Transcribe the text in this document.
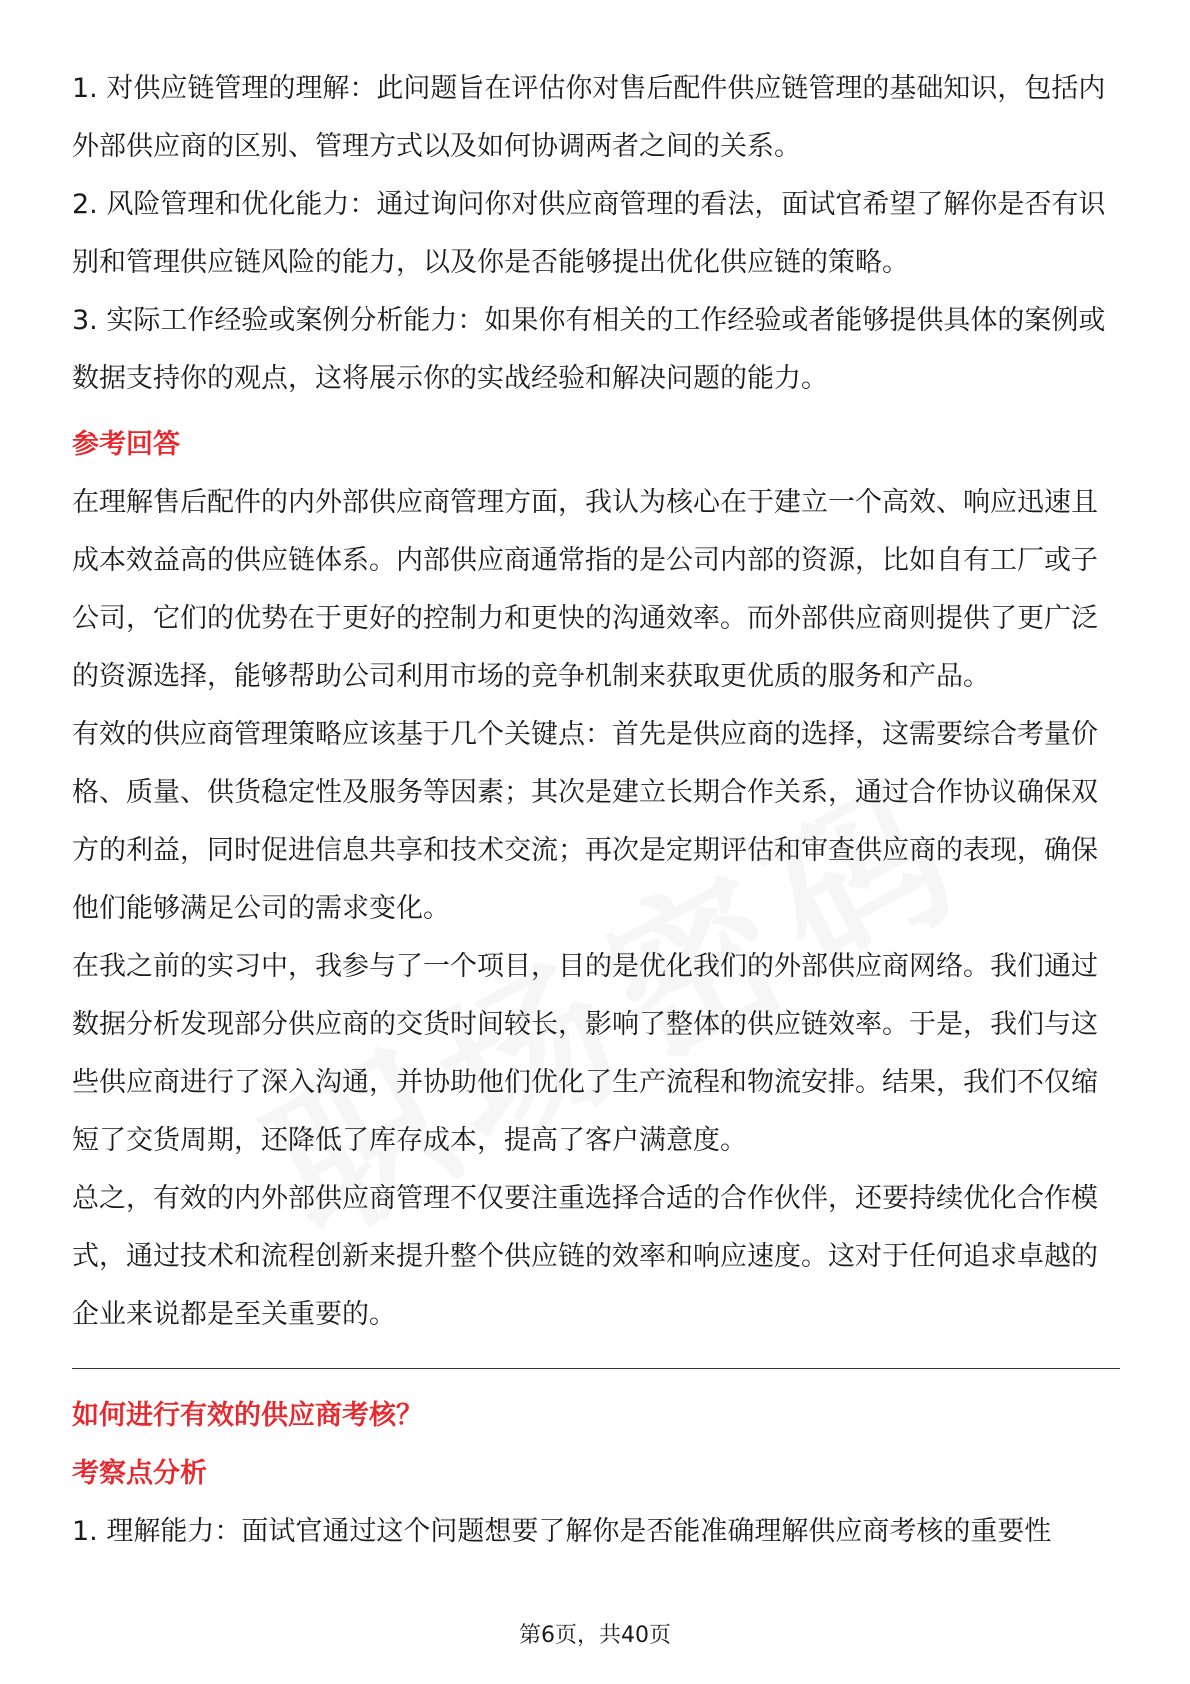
1. 对供应链管理的理解：此问题旨在评估你对售后配件供应链管理的基础知识，包括内外部供应商的区别、管理方式以及如何协调两者之间的关系。

2. 风险管理和优化能力：通过询问你对供应商管理的看法，面试官希望了解你是否有识别和管理供应链风险的能力，以及你是否能够提出优化供应链的策略。

3. 实际工作经验或案例分析能力：如果你有相关的工作经验或者能够提供具体的案例或数据支持你的观点，这将展示你的实战经验和解决问题的能力。

参考回答

在理解售后配件的内外部供应商管理方面，我认为核心在于建立一个高效、响应迅速且成本效益高的供应链体系。内部供应商通常指的是公司内部的资源，比如自有工厂或子公司，它们的优势在于更好的控制力和更快的沟通效率。而外部供应商则提供了更广泛的资源选择，能够帮助公司利用市场的竞争机制来获取更优质的服务和产品。

有效的供应商管理策略应该基于几个关键点：首先是供应商的选择，这需要综合考量价格、质量、供货稳定性及服务等因素；其次是建立长期合作关系，通过合作协议确保双方的利益，同时促进信息共享和技术交流；再次是定期评估和审查供应商的表现，确保他们能够满足公司的需求变化。

在我之前的实习中，我参与了一个项目，目的是优化我们的外部供应商网络。我们通过数据分析发现部分供应商的交货时间较长，影响了整体的供应链效率。于是，我们与这些供应商进行了深入沟通，并协助他们优化了生产流程和物流安排。结果，我们不仅缩短了交货周期，还降低了库存成本，提高了客户满意度。

总之，有效的内外部供应商管理不仅要注重选择合适的合作伙伴，还要持续优化合作模式，通过技术和流程创新来提升整个供应链的效率和响应速度。这对于任何追求卓越的企业来说都是至关重要的。

如何进行有效的供应商考核？

考察点分析

1. 理解能力：面试官通过这个问题想要了解你是否能准确理解供应商考核的重要性

第6页，共40页
